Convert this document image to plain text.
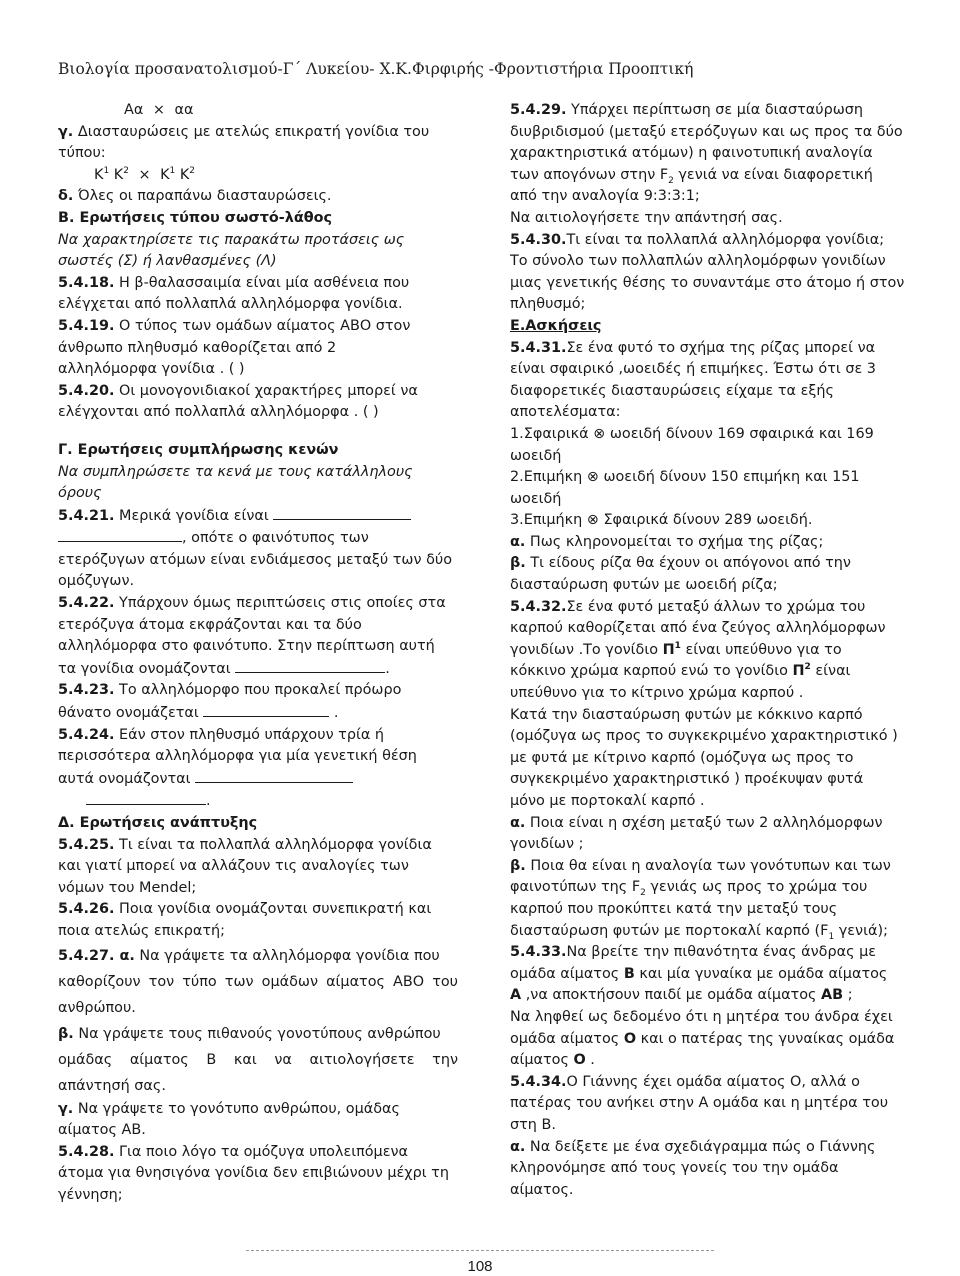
Βιολογία προσανατολισμού-Γ΄ Λυκείου- Χ.Κ.Φιρφιρής -Φροντιστήρια Προοπτική

Αα × αα

γ. Διασταυρώσεις με ατελώς επικρατή γονίδια του

τύπου:

$K^1$ $K^2 \times K^1$ $K^2$

δ. Όλες οι παραπάνω διασταυρώσεις.

Β. Ερωτήσεις τύπου σωστό-λάθος

Να χαρακτηρίσετε τις παρακάτω προτάσεις ως

σωστές (Σ) ή λανθασμένες (Λ)

5.4.18. Η β-θαλασσαιμία είναι μία ασθένεια που

ελέγχεται από πολλαπλά αλληλόμορφα γονίδια.

5.4.19. Ο τύπος των ομάδων αίματος ΑΒΟ στον

άνθρωπο πληθυσμό καθορίζεται από 2

αλληλόμορφα γονίδια . ( )

5.4.20. Οι μονογονιδιακοί χαρακτήρες μπορεί να

ελέγχονται από πολλαπλά αλληλόμορφα . ( )

Γ. Ερωτήσεις συμπλήρωσης κενών

Να συμπληρώσετε τα κενά με τους κατάλληλους

όρους

5.4.21. Μερικά γονίδια είναι

, οπότε ο φαινότυπος των

ετερόζυγων ατόμων είναι ενδιάμεσος μεταξύ των δύο

ομόζυγων.

5.4.22. Υπάρχουν όμως περιπτώσεις στις οποίες στα

ετερόζυγα άτομα εκφράζονται και τα δύο

αλληλόμορφα στο φαινότυπο. Στην περίπτωση αυτή

τα γονίδια ονομάζονται	.

5.4.23. Το αλληλόμορφο που προκαλεί πρόωρο

θάνατο ονομάζεται	.

5.4.24. Εάν στον πληθυσμό υπάρχουν τρία ή

περισσότερα αλληλόμορφα για μία γενετική θέση

αυτά ονομάζονται

.

Δ. Ερωτήσεις ανάπτυξης

5.4.25. Τι είναι τα πολλαπλά αλληλόμορφα γονίδια

και γιατί μπορεί να αλλάζουν τις αναλογίες των

νόμων του Mendel;

5.4.26. Ποια γονίδια ονομάζονται συνεπικρατή και

ποια ατελώς επικρατή;

5.4.27. α. Να γράψετε τα αλληλόμορφα γονίδια που

καθορίζουν τον τύπο των ομάδων αίματος ΑΒΟ του

ανθρώπου.

β. Να γράψετε τους πιθανούς γονοτύπους ανθρώπου

ομάδας αίματος Β και να αιτιολογήσετε την

απάντησή σας.

γ. Να γράψετε το γονότυπο ανθρώπου, ομάδας

αίματος ΑΒ.

5.4.28. Για ποιο λόγο τα ομόζυγα υπολειπόμενα

άτομα για θνησιγόνα γονίδια δεν επιβιώνουν μέχρι τη

γέννηση;

5.4.29. Υπάρχει περίπτωση σε μία διασταύρωση

διυβριδισμού (μεταξύ ετερόζυγων και ως προς τα δύο

χαρακτηριστικά ατόμων) η φαινοτυπική αναλογία

των απογόνων στην $F_2$ γενιά να είναι διαφορετική

από την αναλογία 9:3:3:1;

Να αιτιολογήσετε την απάντησή σας.

5.4.30.Τι είναι τα πολλαπλά αλληλόμορφα γονίδια;

Το σύνολο των πολλαπλών αλληλομόρφων γονιδίων

μιας γενετικής θέσης το συναντάμε στο άτομο ή στον

πληθυσμό;

Ε.Ασκήσεις

5.4.31.Σε ένα φυτό το σχήμα της ρίζας μπορεί να

είναι σφαιρικό ,ωοειδές ή επιμήκες. Έστω ότι σε 3

διαφορετικές διασταυρώσεις είχαμε τα εξής

αποτελέσματα:

1.Σφαιρικά ⊗ ωοειδή δίνουν 169 σφαιρικά και 169

ωοειδή

2.Επιμήκη ⊗ ωοειδή δίνουν 150 επιμήκη και 151

ωοειδή

3.Επιμήκη ⊗ Σφαιρικά δίνουν 289 ωοειδή.

α. Πως κληρονομείται το σχήμα της ρίζας;

β. Τι είδους ρίζα θα έχουν οι απόγονοι από την

διασταύρωση φυτών με ωοειδή ρίζα;

5.4.32.Σε ένα φυτό μεταξύ άλλων το χρώμα του

καρπού καθορίζεται από ένα ζεύγος αλληλόμορφων

γονιδίων .Το γονίδιο $\Pi^1$ είναι υπεύθυνο για το

κόκκινο χρώμα καρπού ενώ το γονίδιο $\Pi^2$ είναι

υπεύθυνο για το κίτρινο χρώμα καρπού .

Κατά την διασταύρωση φυτών με κόκκινο καρπό

(ομόζυγα ως προς το συγκεκριμένο χαρακτηριστικό )

με φυτά με κίτρινο καρπό (ομόζυγα ως προς το

συγκεκριμένο χαρακτηριστικό ) προέκυψαν φυτά

μόνο με πορτοκαλί καρπό .

α. Ποια είναι η σχέση μεταξύ των 2 αλληλόμορφων

γονιδίων ;

β. Ποια θα είναι η αναλογία των γονότυπων και των

φαινοτύπων της $F_2$ γενιάς ως προς το χρώμα του

καρπού που προκύπτει κατά την μεταξύ τους

διασταύρωση φυτών με πορτοκαλί καρπό ($F_1$ γενιά);

5.4.33.Να βρείτε την πιθανότητα ένας άνδρας με

ομάδα αίματος Β και μία γυναίκα με ομάδα αίματος

Α ,να αποκτήσουν παιδί με ομάδα αίματος ΑΒ ;

Να ληφθεί ως δεδομένο ότι η μητέρα του άνδρα έχει

ομάδα αίματος Ο και ο πατέρας της γυναίκας ομάδα

αίματος Ο .

5.4.34.Ο Γιάννης έχει ομάδα αίματος Ο, αλλά ο

πατέρας του ανήκει στην Α ομάδα και η μητέρα του

στη Β.

α. Να δείξετε με ένα σχεδιάγραμμα πώς ο Γιάννης

κληρονόμησε από τους γονείς του την ομάδα

αίματος.

108
